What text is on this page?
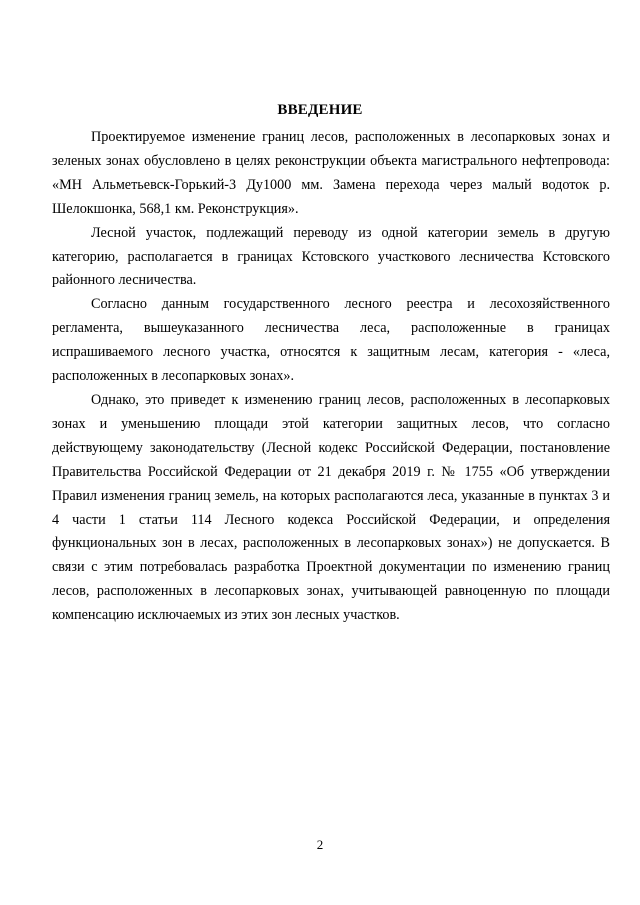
ВВЕДЕНИЕ

Проектируемое изменение границ лесов, расположенных в лесопарковых зонах и зеленых зонах обусловлено в целях реконструкции объекта магистрального нефтепровода: «МН Альметьевск-Горький-3 Ду1000 мм. Замена перехода через малый водоток р. Шелокшонка, 568,1 км. Реконструкция».

Лесной участок, подлежащий переводу из одной категории земель в другую категорию, располагается в границах Кстовского участкового лесничества Кстовского районного лесничества.

Согласно данным государственного лесного реестра и лесохозяйственного регламента, вышеуказанного лесничества леса, расположенные в границах испрашиваемого лесного участка, относятся к защитным лесам, категория - «леса, расположенных в лесопарковых зонах».

Однако, это приведет к изменению границ лесов, расположенных в лесопарковых зонах и уменьшению площади этой категории защитных лесов, что согласно действующему законодательству (Лесной кодекс Российской Федерации, постановление Правительства Российской Федерации от 21 декабря 2019 г. № 1755 «Об утверждении Правил изменения границ земель, на которых располагаются леса, указанные в пунктах 3 и 4 части 1 статьи 114 Лесного кодекса Российской Федерации, и определения функциональных зон в лесах, расположенных в лесопарковых зонах») не допускается. В связи с этим потребовалась разработка Проектной документации по изменению границ лесов, расположенных в лесопарковых зонах, учитывающей равноценную по площади компенсацию исключаемых из этих зон лесных участков.

2
